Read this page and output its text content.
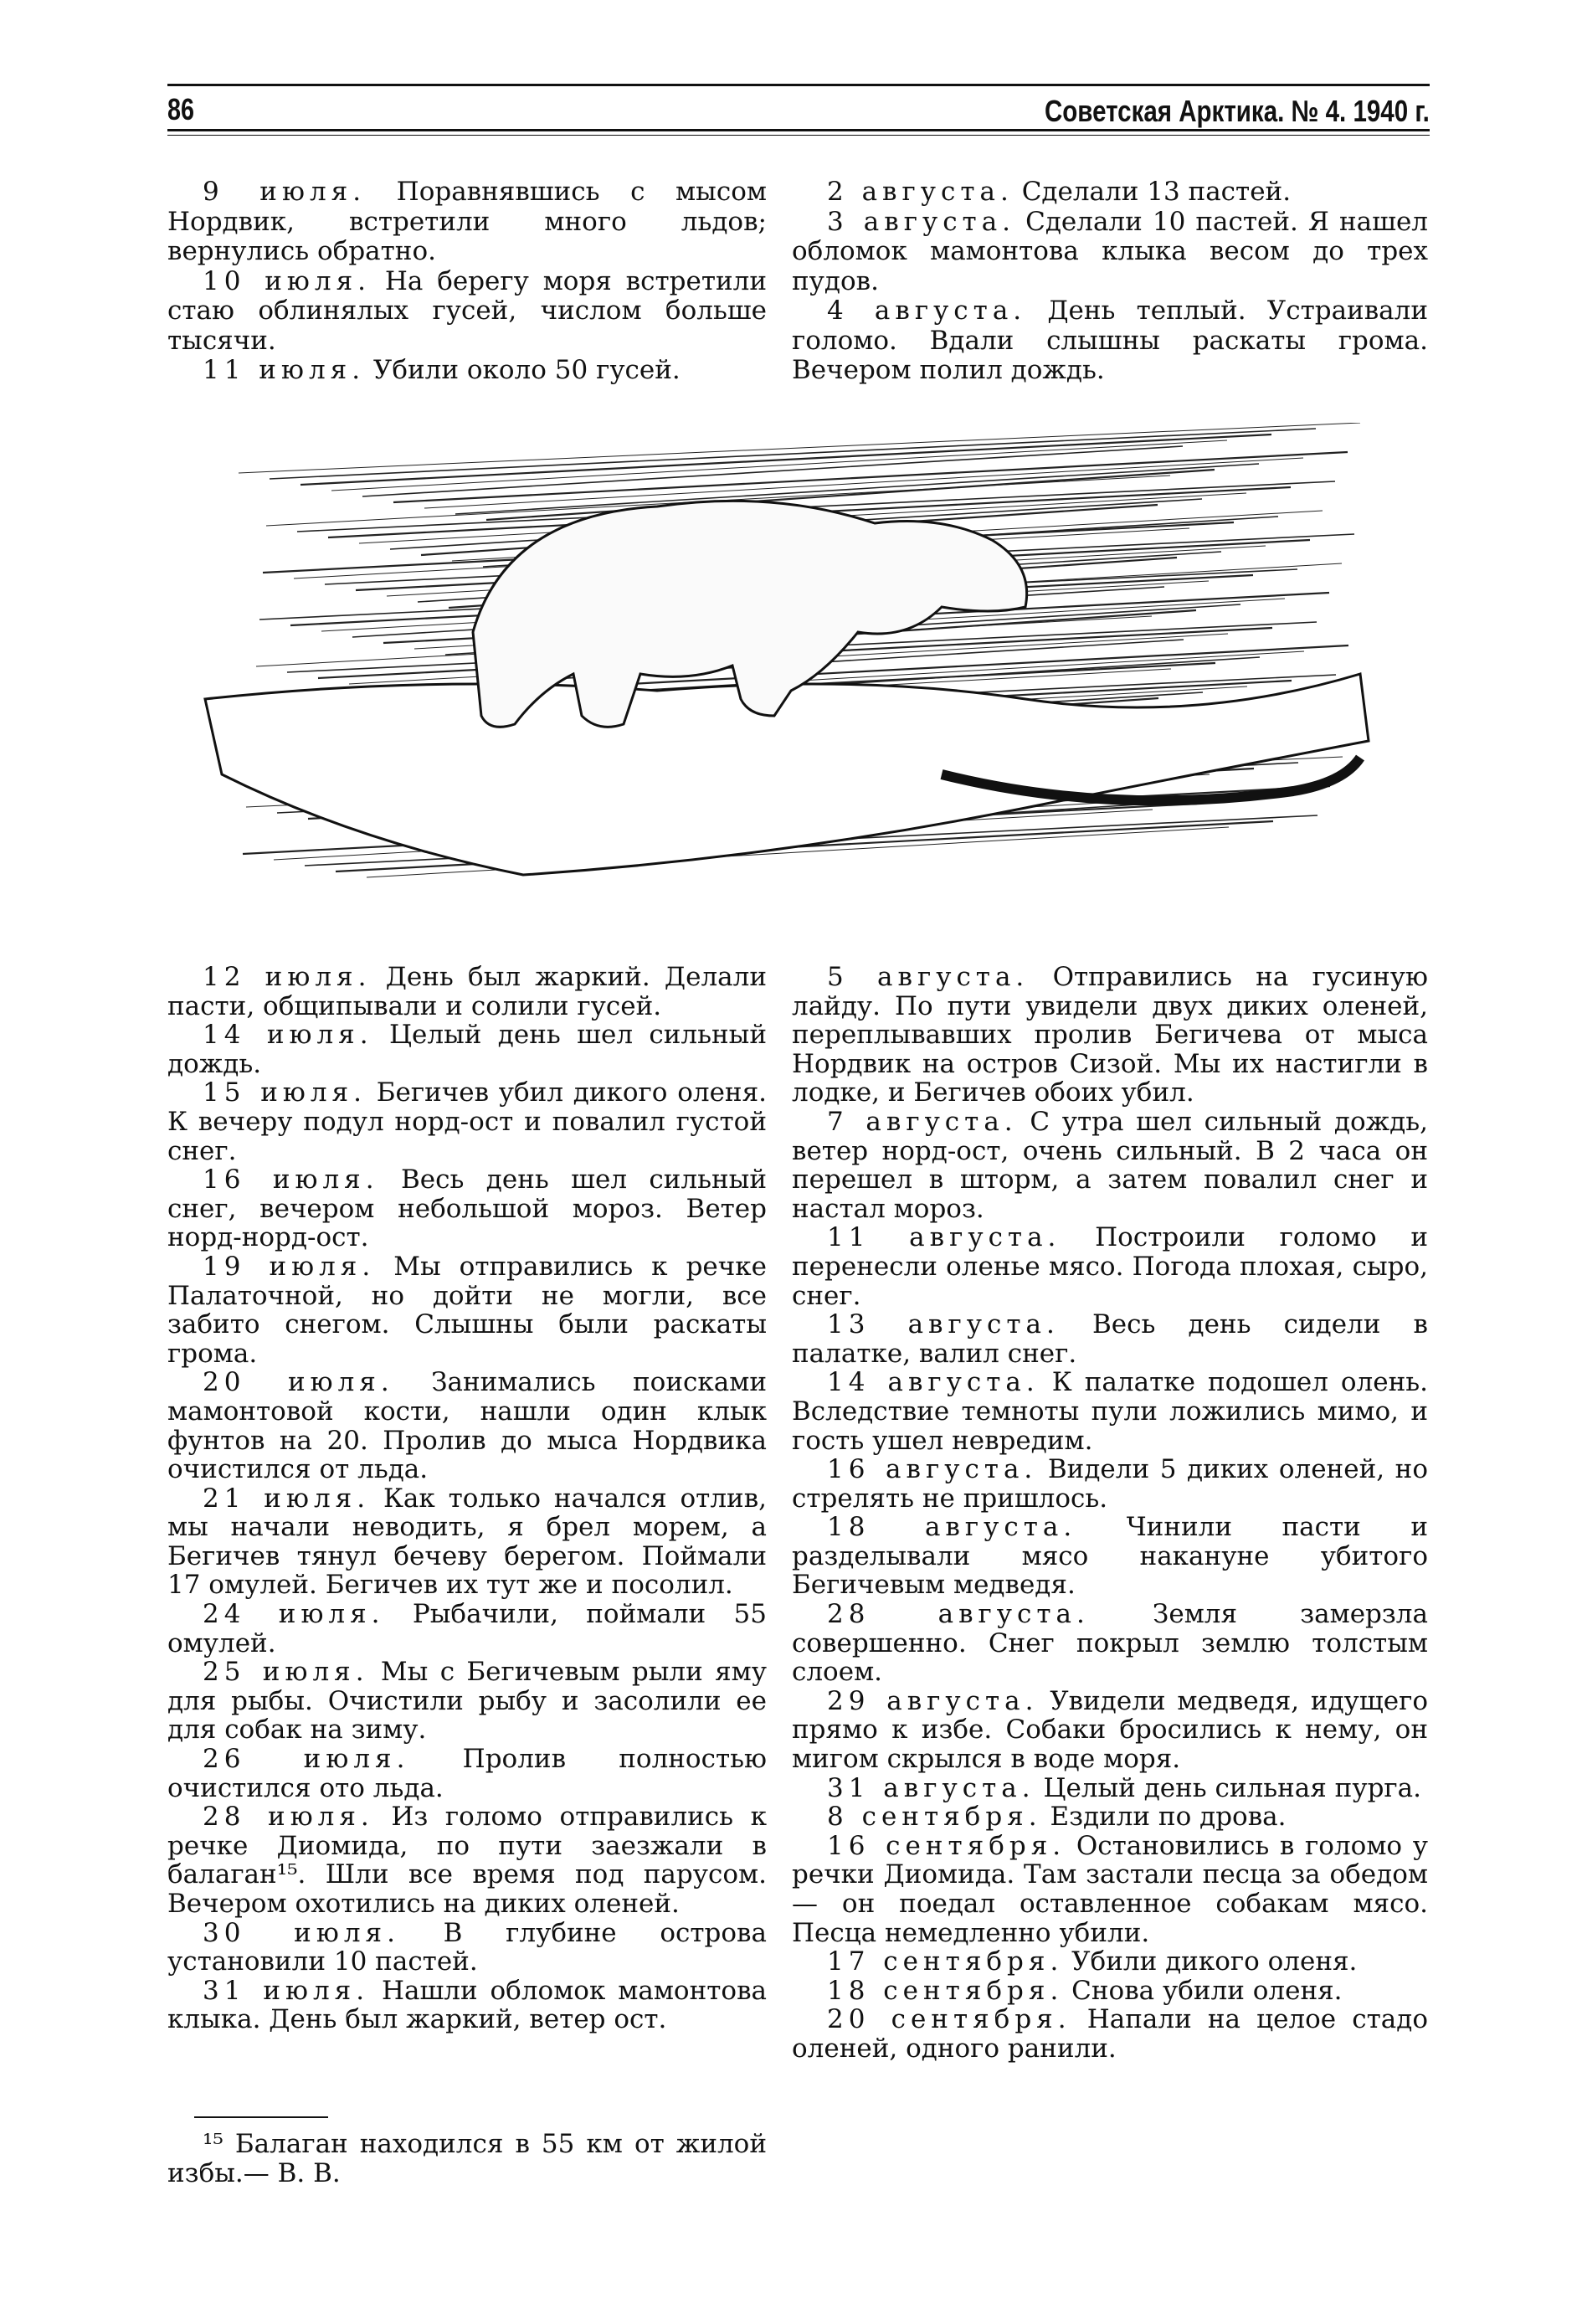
86	Советская Арктика. № 4. 1940 г.

9 июля. Поравнявшись с мысом Нордвик, встретили много льдов; вернулись обратно.

10 июля. На берегу моря встретили стаю облинялых гусей, числом больше тысячи.

11 июля. Убили около 50 гусей.

2 августа. Сделали 13 пастей.

3 августа. Сделали 10 пастей. Я нашел обломок мамонтова клыка весом до трех пудов.

4 августа. День теплый. Устраивали голомо. Вдали слышны раскаты грома. Вечером полил дождь.

12 июля. День был жаркий. Делали пасти, общипывали и солили гусей.

14 июля. Целый день шел сильный дождь.

15 июля. Бегичев убил дикого оленя. К вечеру подул норд-ост и повалил густой снег.

16 июля. Весь день шел сильный снег, вечером небольшой мороз. Ветер норд-норд-ост.

19 июля. Мы отправились к речке Палаточной, но дойти не могли, все забито снегом. Слышны были раскаты грома.

20 июля. Занимались поисками мамонтовой кости, нашли один клык фунтов на 20. Пролив до мыса Нордвика очистился от льда.

21 июля. Как только начался отлив, мы начали неводить, я брел морем, а Бегичев тянул бечеву берегом. Поймали 17 омулей. Бегичев их тут же и посолил.

24 июля. Рыбачили, поймали 55 омулей.

25 июля. Мы с Бегичевым рыли яму для рыбы. Очистили рыбу и засолили ее для собак на зиму.

26 июля. Пролив полностью очистился ото льда.

28 июля. Из голомо отправились к речке Диомида, по пути заезжали в балаган¹⁵. Шли все время под парусом. Вечером охотились на диких оленей.

30 июля. В глубине острова установили 10 пастей.

31 июля. Нашли обломок мамонтова клыка. День был жаркий, ветер ост.

5 августа. Отправились на гусиную лайду. По пути увидели двух диких оленей, переплывавших пролив Бегичева от мыса Нордвик на остров Сизой. Мы их настигли в лодке, и Бегичев обоих убил.

7 августа. С утра шел сильный дождь, ветер норд-ост, очень сильный. В 2 часа он перешел в шторм, а затем повалил снег и настал мороз.

11 августа. Построили голомо и перенесли оленье мясо. Погода плохая, сыро, снег.

13 августа. Весь день сидели в палатке, валил снег.

14 августа. К палатке подошел олень. Вследствие темноты пули ложились мимо, и гость ушел невредим.

16 августа. Видели 5 диких оленей, но стрелять не пришлось.

18 августа. Чинили пасти и разделывали мясо накануне убитого Бегичевым медведя.

28 августа. Земля замерзла совершенно. Снег покрыл землю толстым слоем.

29 августа. Увидели медведя, идущего прямо к избе. Собаки бросились к нему, он мигом скрылся в воде моря.

31 августа. Целый день сильная пурга.

8 сентября. Ездили по дрова.

16 сентября. Остановились в голомо у речки Диомида. Там застали песца за обедом — он поедал оставленное собакам мясо. Песца немедленно убили.

17 сентября. Убили дикого оленя.

18 сентября. Снова убили оленя.

20 сентября. Напали на целое стадо оленей, одного ранили.

¹⁵ Балаган находился в 55 км от жилой избы.— В. В.
